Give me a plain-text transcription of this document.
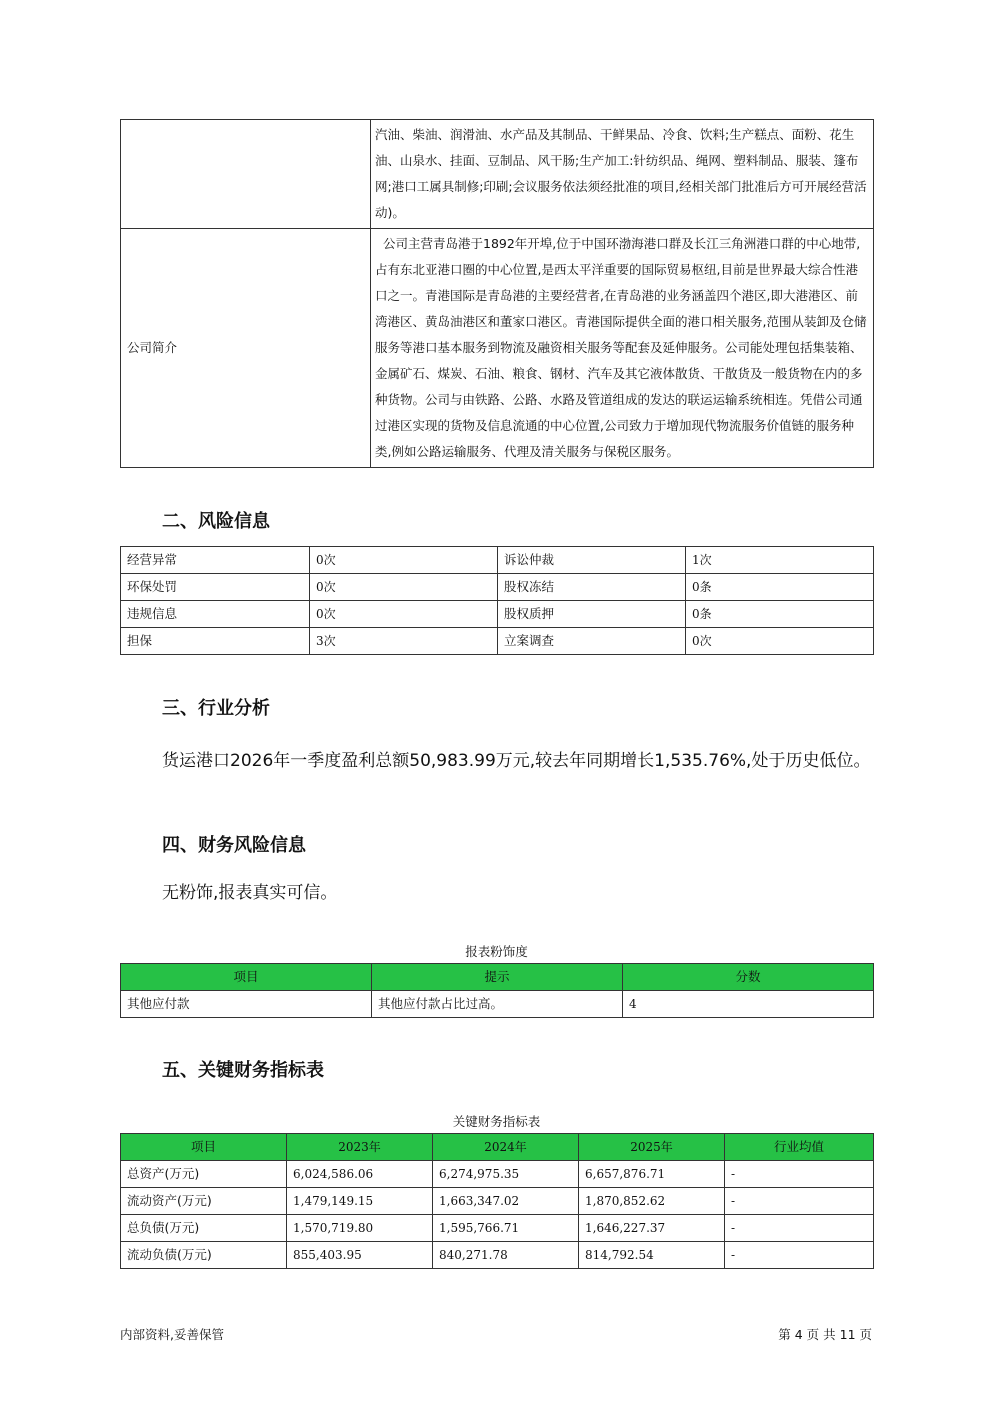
	汽油、柴油、润滑油、水产品及其制品、干鲜果品、冷食、饮料;生产糕点、面粉、花生油、山泉水、挂面、豆制品、风干肠;生产加工:针纺织品、绳网、塑料制品、服装、篷布网;港口工属具制修;印刷;会议服务依法须经批准的项目,经相关部门批准后方可开展经营活动)。
公司简介	公司主营青岛港于1892年开埠,位于中国环渤海港口群及长江三角洲港口群的中心地带,占有东北亚港口圈的中心位置,是西太平洋重要的国际贸易枢纽,目前是世界最大综合性港口之一。青港国际是青岛港的主要经营者,在青岛港的业务涵盖四个港区,即大港港区、前湾港区、黄岛油港区和董家口港区。青港国际提供全面的港口相关服务,范围从装卸及仓储服务等港口基本服务到物流及融资相关服务等配套及延伸服务。公司能处理包括集装箱、金属矿石、煤炭、石油、粮食、钢材、汽车及其它液体散货、干散货及一般货物在内的多种货物。公司与由铁路、公路、水路及管道组成的发达的联运运输系统相连。凭借公司通过港区实现的货物及信息流通的中心位置,公司致力于增加现代物流服务价值链的服务种类,例如公路运输服务、代理及清关服务与保税区服务。
二、风险信息
经营异常	0次	诉讼仲裁	1次
环保处罚	0次	股权冻结	0条
违规信息	0次	股权质押	0条
担保	3次	立案调查	0次
三、行业分析

货运港口2026年一季度盈利总额50,983.99万元,较去年同期增长1,535.76%,处于历史低位。

四、财务风险信息

无粉饰,报表真实可信。

报表粉饰度
项目	提示	分数
其他应付款	其他应付款占比过高。	4
五、关键财务指标表
关键财务指标表
项目	2023年	2024年	2025年	行业均值
总资产(万元)	6,024,586.06	6,274,975.35	6,657,876.71	-
流动资产(万元)	1,479,149.15	1,663,347.02	1,870,852.62	-
总负债(万元)	1,570,719.80	1,595,766.71	1,646,227.37	-
流动负债(万元)	855,403.95	840,271.78	814,792.54	-
内部资料,妥善保管	第 4 页 共 11 页
